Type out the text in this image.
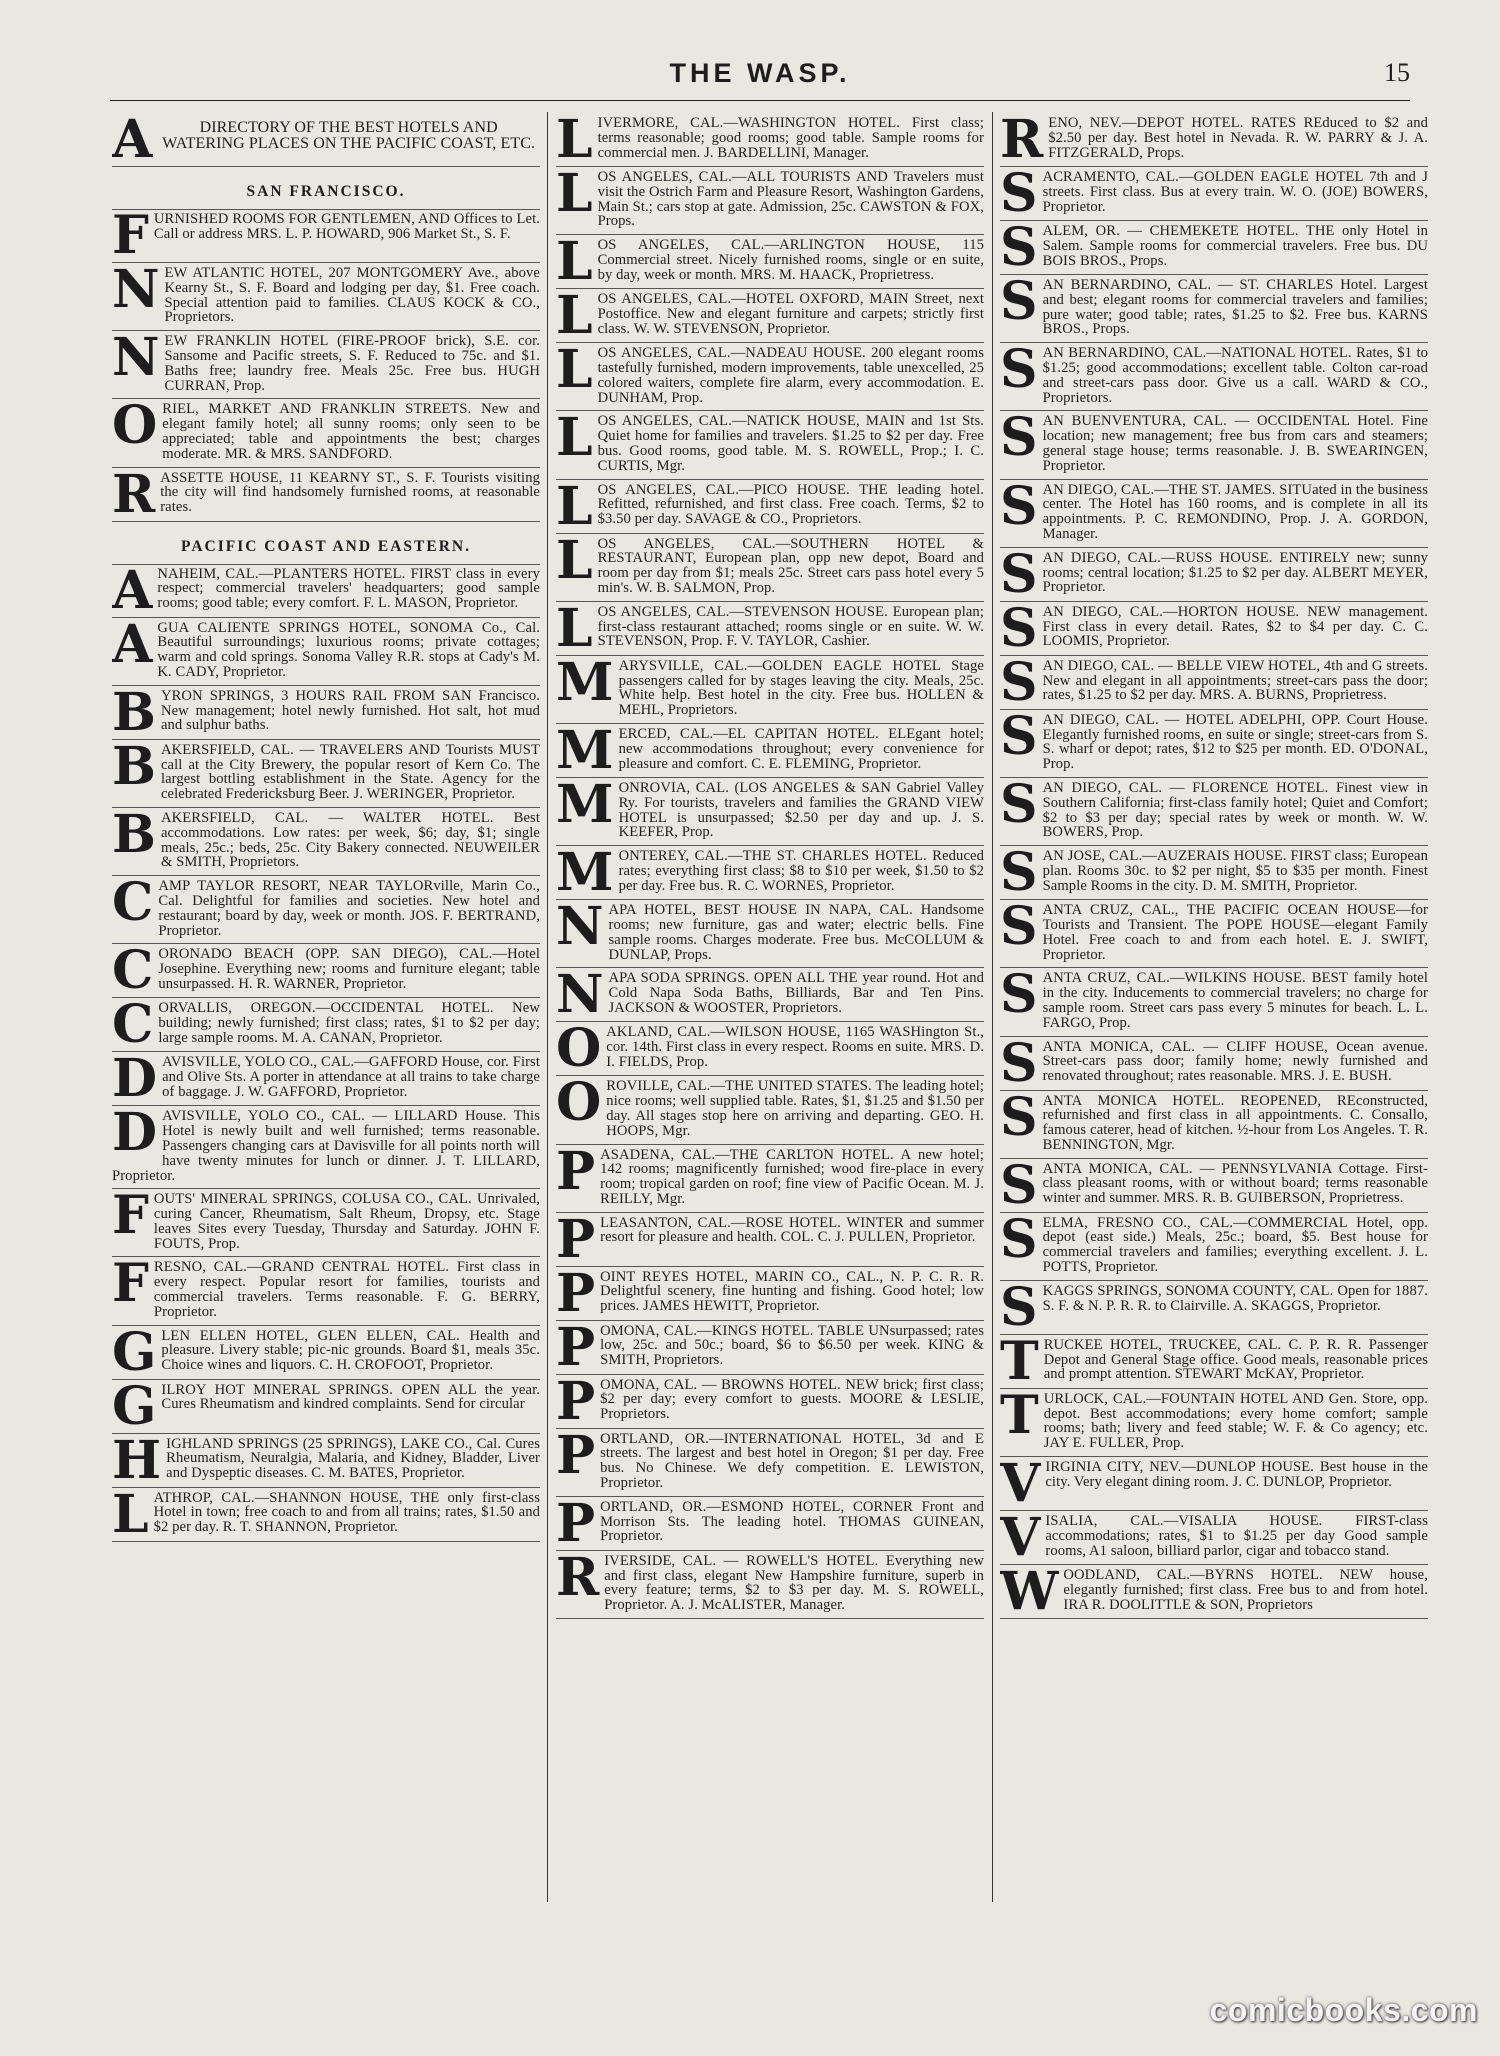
THE WASP.	15
A	DIRECTORY OF THE BEST HOTELS AND WATERING PLACES ON THE PACIFIC COAST, ETC.
SAN FRANCISCO.
F URNISHED ROOMS FOR GENTLEMEN, AND Offices to Let. Call or address MRS. L. P. HOWARD, 906 Market St., S. F.
N EW ATLANTIC HOTEL, 207 MONTGOMERY Ave., above Kearny St., S. F. Board and lodging per day, $1. Free coach. Special attention paid to families. CLAUS KOCK & CO., Proprietors.
N EW FRANKLIN HOTEL (FIRE-PROOF brick), S.E. cor. Sansome and Pacific streets, S. F. Reduced to 75c. and $1. Baths free; laundry free. Meals 25c. Free bus. HUGH CURRAN, Prop.
O RIEL, MARKET AND FRANKLIN STREETS. New and elegant family hotel; all sunny rooms; only seen to be appreciated; table and appointments the best; charges moderate. MR. & MRS. SANDFORD.
R ASSETTE HOUSE, 11 KEARNY ST., S. F. Tourists visiting the city will find handsomely furnished rooms, at reasonable rates.
PACIFIC COAST AND EASTERN.
A NAHEIM, CAL.—PLANTERS HOTEL. FIRST class in every respect; commercial travelers' headquarters; good sample rooms; good table; every comfort. F. L. MASON, Proprietor.
A GUA CALIENTE SPRINGS HOTEL, SONOMA Co., Cal. Beautiful surroundings; luxurious rooms; private cottages; warm and cold springs. Sonoma Valley R.R. stops at Cady's M. K. CADY, Proprietor.
B YRON SPRINGS, 3 HOURS RAIL FROM SAN Francisco. New management; hotel newly furnished. Hot salt, hot mud and sulphur baths.
B AKERSFIELD, CAL. — TRAVELERS AND Tourists MUST call at the City Brewery, the popular resort of Kern Co. The largest bottling establishment in the State. Agency for the celebrated Fredericksburg Beer. J. WERINGER, Proprietor.
B AKERSFIELD, CAL. — WALTER HOTEL. Best accommodations. Low rates: per week, $6; day, $1; single meals, 25c.; beds, 25c. City Bakery connected. NEUWEILER & SMITH, Proprietors.
C AMP TAYLOR RESORT, NEAR TAYLORville, Marin Co., Cal. Delightful for families and societies. New hotel and restaurant; board by day, week or month. JOS. F. BERTRAND, Proprietor.
C ORONADO BEACH (OPP. SAN DIEGO), CAL.—Hotel Josephine. Everything new; rooms and furniture elegant; table unsurpassed. H. R. WARNER, Proprietor.
C ORVALLIS, OREGON.—OCCIDENTAL HOTEL. New building; newly furnished; first class; rates, $1 to $2 per day; large sample rooms. M. A. CANAN, Proprietor.
D AVISVILLE, YOLO CO., CAL.—GAFFORD House, cor. First and Olive Sts. A porter in attendance at all trains to take charge of baggage. J. W. GAFFORD, Proprietor.
D AVISVILLE, YOLO CO., CAL. — LILLARD House. This Hotel is newly built and well furnished; terms reasonable. Passengers changing cars at Davisville for all points north will have twenty minutes for lunch or dinner. J. T. LILLARD, Proprietor.
F OUTS' MINERAL SPRINGS, COLUSA CO., CAL. Unrivaled, curing Cancer, Rheumatism, Salt Rheum, Dropsy, etc. Stage leaves Sites every Tuesday, Thursday and Saturday. JOHN F. FOUTS, Prop.
F RESNO, CAL.—GRAND CENTRAL HOTEL. First class in every respect. Popular resort for families, tourists and commercial travelers. Terms reasonable. F. G. BERRY, Proprietor.
G LEN ELLEN HOTEL, GLEN ELLEN, CAL. Health and pleasure. Livery stable; pic-nic grounds. Board $1, meals 35c. Choice wines and liquors. C. H. CROFOOT, Proprietor.
G ILROY HOT MINERAL SPRINGS. OPEN ALL the year. Cures Rheumatism and kindred complaints. Send for circular
H IGHLAND SPRINGS (25 SPRINGS), LAKE CO., Cal. Cures Rheumatism, Neuralgia, Malaria, and Kidney, Bladder, Liver and Dyspeptic diseases. C. M. BATES, Proprietor.
L ATHROP, CAL.—SHANNON HOUSE, THE only first-class Hotel in town; free coach to and from all trains; rates, $1.50 and $2 per day. R. T. SHANNON, Proprietor.
L IVERMORE, CAL.—WASHINGTON HOTEL. First class; terms reasonable; good rooms; good table. Sample rooms for commercial men. J. BARDELLINI, Manager.
L OS ANGELES, CAL.—ALL TOURISTS AND Travelers must visit the Ostrich Farm and Pleasure Resort, Washington Gardens, Main St.; cars stop at gate. Admission, 25c. CAWSTON & FOX, Props.
L OS ANGELES, CAL.—ARLINGTON HOUSE, 115 Commercial street. Nicely furnished rooms, single or en suite, by day, week or month. MRS. M. HAACK, Proprietress.
L OS ANGELES, CAL.—HOTEL OXFORD, MAIN Street, next Postoffice. New and elegant furniture and carpets; strictly first class. W. W. STEVENSON, Proprietor.
L OS ANGELES, CAL.—NADEAU HOUSE. 200 elegant rooms tastefully furnished, modern improvements, table unexcelled, 25 colored waiters, complete fire alarm, every accommodation. E. DUNHAM, Prop.
L OS ANGELES, CAL.—NATICK HOUSE, MAIN and 1st Sts. Quiet home for families and travelers. $1.25 to $2 per day. Free bus. Good rooms, good table. M. S. ROWELL, Prop.; I. C. CURTIS, Mgr.
L OS ANGELES, CAL.—PICO HOUSE. THE leading hotel. Refitted, refurnished, and first class. Free coach. Terms, $2 to $3.50 per day. SAVAGE & CO., Proprietors.
L OS ANGELES, CAL.—SOUTHERN HOTEL & RESTAURANT, European plan, opp new depot, Board and room per day from $1; meals 25c. Street cars pass hotel every 5 min's. W. B. SALMON, Prop.
L OS ANGELES, CAL.—STEVENSON HOUSE. European plan; first-class restaurant attached; rooms single or en suite. W. W. STEVENSON, Prop. F. V. TAYLOR, Cashier.
M ARYSVILLE, CAL.—GOLDEN EAGLE HOTEL Stage passengers called for by stages leaving the city. Meals, 25c. White help. Best hotel in the city. Free bus. HOLLEN & MEHL, Proprietors.
M ERCED, CAL.—EL CAPITAN HOTEL. ELEgant hotel; new accommodations throughout; every convenience for pleasure and comfort. C. E. FLEMING, Proprietor.
M ONROVIA, CAL. (LOS ANGELES & SAN Gabriel Valley Ry. For tourists, travelers and families the GRAND VIEW HOTEL is unsurpassed; $2.50 per day and up. J. S. KEEFER, Prop.
M ONTEREY, CAL.—THE ST. CHARLES HOTEL. Reduced rates; everything first class; $8 to $10 per week, $1.50 to $2 per day. Free bus. R. C. WORNES, Proprietor.
N APA HOTEL, BEST HOUSE IN NAPA, CAL. Handsome rooms; new furniture, gas and water; electric bells. Fine sample rooms. Charges moderate. Free bus. McCOLLUM & DUNLAP, Props.
N APA SODA SPRINGS. OPEN ALL THE year round. Hot and Cold Napa Soda Baths, Billiards, Bar and Ten Pins. JACKSON & WOOSTER, Proprietors.
O AKLAND, CAL.—WILSON HOUSE, 1165 WASHington St., cor. 14th. First class in every respect. Rooms en suite. MRS. D. I. FIELDS, Prop.
O ROVILLE, CAL.—THE UNITED STATES. The leading hotel; nice rooms; well supplied table. Rates, $1, $1.25 and $1.50 per day. All stages stop here on arriving and departing. GEO. H. HOOPS, Mgr.
P ASADENA, CAL.—THE CARLTON HOTEL. A new hotel; 142 rooms; magnificently furnished; wood fire-place in every room; tropical garden on roof; fine view of Pacific Ocean. M. J. REILLY, Mgr.
P LEASANTON, CAL.—ROSE HOTEL. WINTER and summer resort for pleasure and health. COL. C. J. PULLEN, Proprietor.
P OINT REYES HOTEL, MARIN CO., CAL., N. P. C. R. R. Delightful scenery, fine hunting and fishing. Good hotel; low prices. JAMES HEWITT, Proprietor.
P OMONA, CAL.—KINGS HOTEL. TABLE UNsurpassed; rates low, 25c. and 50c.; board, $6 to $6.50 per week. KING & SMITH, Proprietors.
P OMONA, CAL. — BROWNS HOTEL. NEW brick; first class; $2 per day; every comfort to guests. MOORE & LESLIE, Proprietors.
P ORTLAND, OR.—INTERNATIONAL HOTEL, 3d and E streets. The largest and best hotel in Oregon; $1 per day. Free bus. No Chinese. We defy competition. E. LEWISTON, Proprietor.
P ORTLAND, OR.—ESMOND HOTEL, CORNER Front and Morrison Sts. The leading hotel. THOMAS GUINEAN, Proprietor.
R IVERSIDE, CAL. — ROWELL'S HOTEL. Everything new and first class, elegant New Hampshire furniture, superb in every feature; terms, $2 to $3 per day. M. S. ROWELL, Proprietor. A. J. McALISTER, Manager.
R ENO, NEV.—DEPOT HOTEL. RATES REduced to $2 and $2.50 per day. Best hotel in Nevada. R. W. PARRY & J. A. FITZGERALD, Props.
S ACRAMENTO, CAL.—GOLDEN EAGLE HOTEL 7th and J streets. First class. Bus at every train. W. O. (JOE) BOWERS, Proprietor.
S ALEM, OR. — CHEMEKETE HOTEL. THE only Hotel in Salem. Sample rooms for commercial travelers. Free bus. DU BOIS BROS., Props.
S AN BERNARDINO, CAL. — ST. CHARLES Hotel. Largest and best; elegant rooms for commercial travelers and families; pure water; good table; rates, $1.25 to $2. Free bus. KARNS BROS., Props.
S AN BERNARDINO, CAL.—NATIONAL HOTEL. Rates, $1 to $1.25; good accommodations; excellent table. Colton car-road and street-cars pass door. Give us a call. WARD & CO., Proprietors.
S AN BUENVENTURA, CAL. — OCCIDENTAL Hotel. Fine location; new management; free bus from cars and steamers; general stage house; terms reasonable. J. B. SWEARINGEN, Proprietor.
S AN DIEGO, CAL.—THE ST. JAMES. SITUated in the business center. The Hotel has 160 rooms, and is complete in all its appointments. P. C. REMONDINO, Prop. J. A. GORDON, Manager.
S AN DIEGO, CAL.—RUSS HOUSE. ENTIRELY new; sunny rooms; central location; $1.25 to $2 per day. ALBERT MEYER, Proprietor.
S AN DIEGO, CAL.—HORTON HOUSE. NEW management. First class in every detail. Rates, $2 to $4 per day. C. C. LOOMIS, Proprietor.
S AN DIEGO, CAL. — BELLE VIEW HOTEL, 4th and G streets. New and elegant in all appointments; street-cars pass the door; rates, $1.25 to $2 per day. MRS. A. BURNS, Proprietress.
S AN DIEGO, CAL. — HOTEL ADELPHI, OPP. Court House. Elegantly furnished rooms, en suite or single; street-cars from S. S. wharf or depot; rates, $12 to $25 per month. ED. O'DONAL, Prop.
S AN DIEGO, CAL. — FLORENCE HOTEL. Finest view in Southern California; first-class family hotel; Quiet and Comfort; $2 to $3 per day; special rates by week or month. W. W. BOWERS, Prop.
S AN JOSE, CAL.—AUZERAIS HOUSE. FIRST class; European plan. Rooms 30c. to $2 per night, $5 to $35 per month. Finest Sample Rooms in the city. D. M. SMITH, Proprietor.
S ANTA CRUZ, CAL., THE PACIFIC OCEAN HOUSE—for Tourists and Transient. The POPE HOUSE—elegant Family Hotel. Free coach to and from each hotel. E. J. SWIFT, Proprietor.
S ANTA CRUZ, CAL.—WILKINS HOUSE. BEST family hotel in the city. Inducements to commercial travelers; no charge for sample room. Street cars pass every 5 minutes for beach. L. L. FARGO, Prop.
S ANTA MONICA, CAL. — CLIFF HOUSE, Ocean avenue. Street-cars pass door; family home; newly furnished and renovated throughout; rates reasonable. MRS. J. E. BUSH.
S ANTA MONICA HOTEL. REOPENED, REconstructed, refurnished and first class in all appointments. C. Consallo, famous caterer, head of kitchen. ½-hour from Los Angeles. T. R. BENNINGTON, Mgr.
S ANTA MONICA, CAL. — PENNSYLVANIA Cottage. First-class pleasant rooms, with or without board; terms reasonable winter and summer. MRS. R. B. GUIBERSON, Proprietress.
S ELMA, FRESNO CO., CAL.—COMMERCIAL Hotel, opp. depot (east side.) Meals, 25c.; board, $5. Best house for commercial travelers and families; everything excellent. J. L. POTTS, Proprietor.
S KAGGS SPRINGS, SONOMA COUNTY, CAL. Open for 1887. S. F. & N. P. R. R. to Clairville. A. SKAGGS, Proprietor.
T RUCKEE HOTEL, TRUCKEE, CAL. C. P. R. R. Passenger Depot and General Stage office. Good meals, reasonable prices and prompt attention. STEWART McKAY, Proprietor.
T URLOCK, CAL.—FOUNTAIN HOTEL AND Gen. Store, opp. depot. Best accommodations; every home comfort; sample rooms; bath; livery and feed stable; W. F. & Co agency; etc. JAY E. FULLER, Prop.
V IRGINIA CITY, NEV.—DUNLOP HOUSE. Best house in the city. Very elegant dining room. J. C. DUNLOP, Proprietor.
V ISALIA, CAL.—VISALIA HOUSE. FIRST-class accommodations; rates, $1 to $1.25 per day Good sample rooms, A1 saloon, billiard parlor, cigar and tobacco stand.
W OODLAND, CAL.—BYRNS HOTEL. NEW house, elegantly furnished; first class. Free bus to and from hotel. IRA R. DOOLITTLE & SON, Proprietors
comicbooks.com
